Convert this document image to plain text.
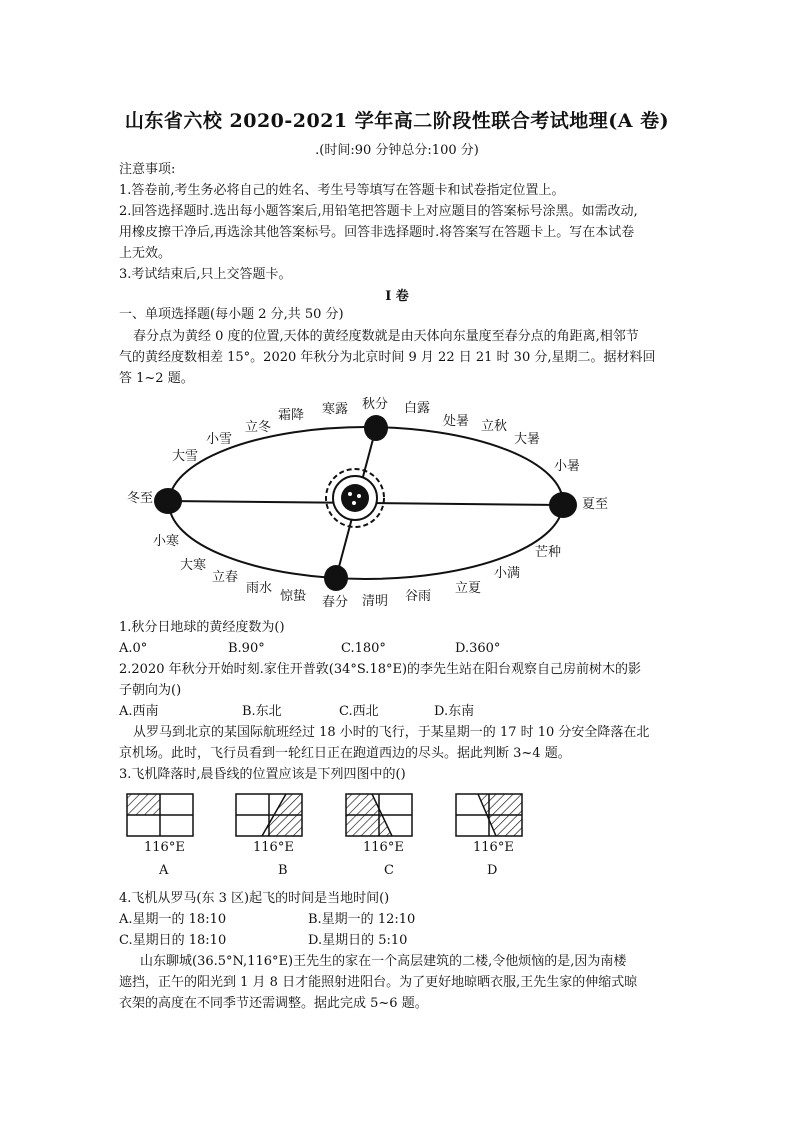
山东省六校 2020-2021 学年高二阶段性联合考试地理(A 卷)
.(时间:90 分钟总分:100 分)
注意事项:
1.答卷前,考生务必将自己的姓名、考生号等填写在答题卡和试卷指定位置上。
2.回答选择题时.选出每小题答案后,用铅笔把答题卡上对应题目的答案标号涂黑。如需改动,
用橡皮擦干净后,再选涂其他答案标号。回答非选择题时.将答案写在答题卡上。写在本试卷
上无效。
3.考试结束后,只上交答题卡。
I 卷
一、单项选择题(每小题 2 分,共 50 分)
春分点为黄经 0 度的位置,天体的黄经度数就是由天体向东量度至春分点的角距离,相邻节
气的黄经度数相差 15°。2020 年秋分为北京时间 9 月 22 日 21 时 30 分,星期二。据材料回
答 1~2 题。
秋分 白露
处暑 立秋
大暑
小暑
夏至
芒种
小满
立夏
谷雨
清明
春分
惊蛰
雨水
立春
大寒
小寒
冬至
大雪
小雪
立冬
霜降 寒露
116°E	116°E	116°E	116°E
A	B	C	D
1.秋分日地球的黄经度数为()
A.0°	B.90°	C.180°	D.360°
2.2020 年秋分开始时刻.家住开普敦(34°S.18°E)的李先生站在阳台观察自己房前树木的影
子朝向为()
A.西南	B.东北	C.西北	D.东南
从罗马到北京的某国际航班经过 18 小时的飞行，于某星期一的 17 时 10 分安全降落在北
京机场。此时，飞行员看到一轮红日正在跑道西边的尽头。据此判断 3~4 题。
3.飞机降落时,晨昏线的位置应该是下列四图中的()
4.飞机从罗马(东 3 区)起飞的时间是当地时间()
A.星期一的 18:10	B.星期一的 12:10
C.星期日的 18:10	D.星期日的 5:10
山东聊城(36.5°N,116°E)王先生的家在一个高层建筑的二楼,令他烦恼的是,因为南楼
遮挡，正午的阳光到 1 月 8 日才能照射进阳台。为了更好地晾晒衣服,王先生家的伸缩式晾
衣架的高度在不同季节还需调整。据此完成 5~6 题。
